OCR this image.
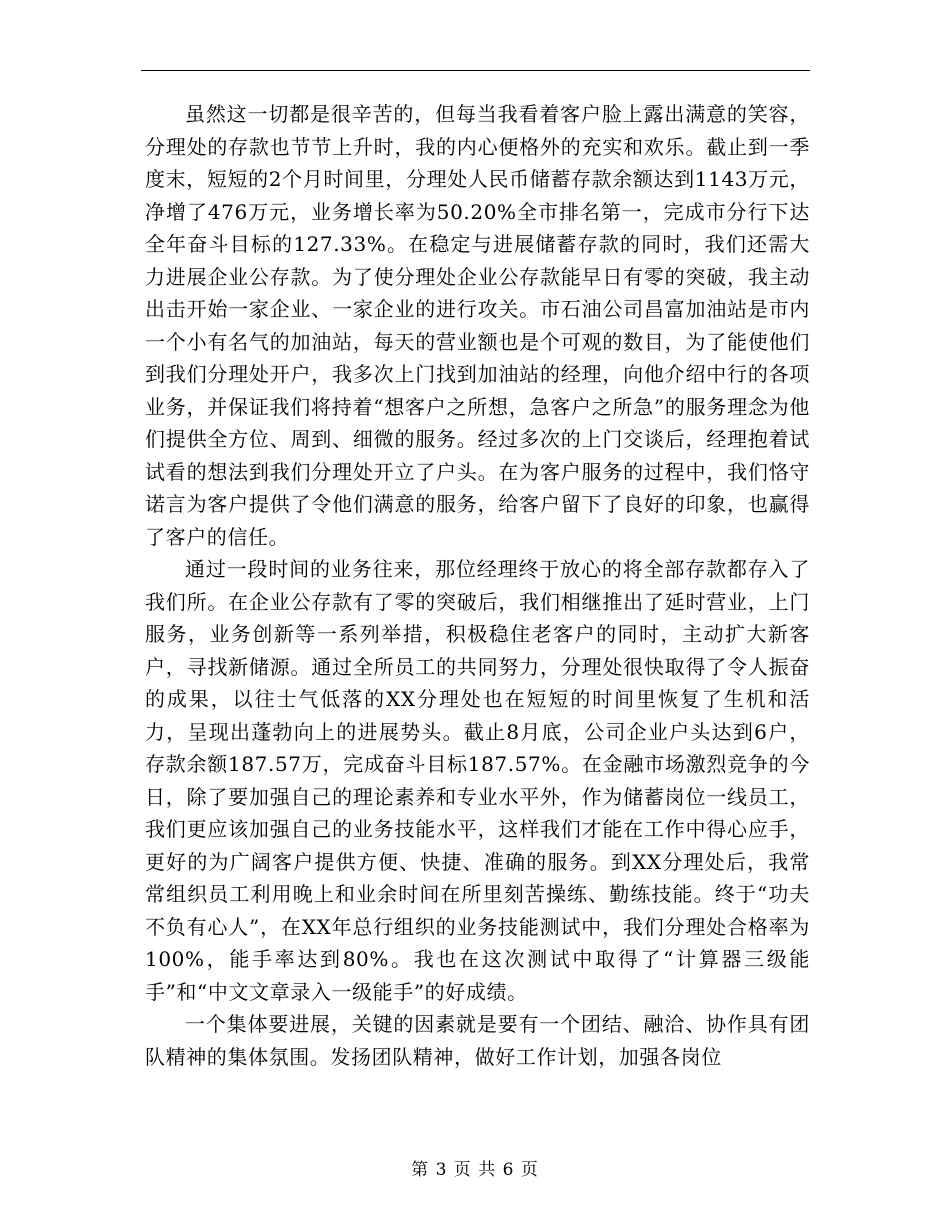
虽然这一切都是很辛苦的，但每当我看着客户脸上露出满意的笑容，分理处的存款也节节上升时，我的内心便格外的充实和欢乐。截止到一季度末，短短的2个月时间里，分理处人民币储蓄存款余额达到1143万元，净增了476万元，业务增长率为50.20%全市排名第一，完成市分行下达全年奋斗目标的127.33%。在稳定与进展储蓄存款的同时，我们还需大力进展企业公存款。为了使分理处企业公存款能早日有零的突破，我主动出击开始一家企业、一家企业的进行攻关。市石油公司昌富加油站是市内一个小有名气的加油站，每天的营业额也是个可观的数目，为了能使他们到我们分理处开户，我多次上门找到加油站的经理，向他介绍中行的各项业务，并保证我们将持着“想客户之所想，急客户之所急”的服务理念为他们提供全方位、周到、细微的服务。经过多次的上门交谈后，经理抱着试试看的想法到我们分理处开立了户头。在为客户服务的过程中，我们恪守诺言为客户提供了令他们满意的服务，给客户留下了良好的印象，也赢得了客户的信任。

通过一段时间的业务往来，那位经理终于放心的将全部存款都存入了我们所。在企业公存款有了零的突破后，我们相继推出了延时营业，上门服务，业务创新等一系列举措，积极稳住老客户的同时，主动扩大新客户，寻找新储源。通过全所员工的共同努力，分理处很快取得了令人振奋的成果，以往士气低落的XX分理处也在短短的时间里恢复了生机和活力，呈现出蓬勃向上的进展势头。截止8月底，公司企业户头达到6户，存款余额187.57万，完成奋斗目标187.57%。在金融市场激烈竞争的今日，除了要加强自己的理论素养和专业水平外，作为储蓄岗位一线员工，我们更应该加强自己的业务技能水平，这样我们才能在工作中得心应手，更好的为广阔客户提供方便、快捷、准确的服务。到XX分理处后，我常常组织员工利用晚上和业余时间在所里刻苦操练、勤练技能。终于“功夫不负有心人”，在XX年总行组织的业务技能测试中，我们分理处合格率为100%，能手率达到80%。我也在这次测试中取得了“计算器三级能手”和“中文文章录入一级能手”的好成绩。

一个集体要进展，关键的因素就是要有一个团结、融洽、协作具有团队精神的集体氛围。发扬团队精神，做好工作计划，加强各岗位

第 3 页 共 6 页
